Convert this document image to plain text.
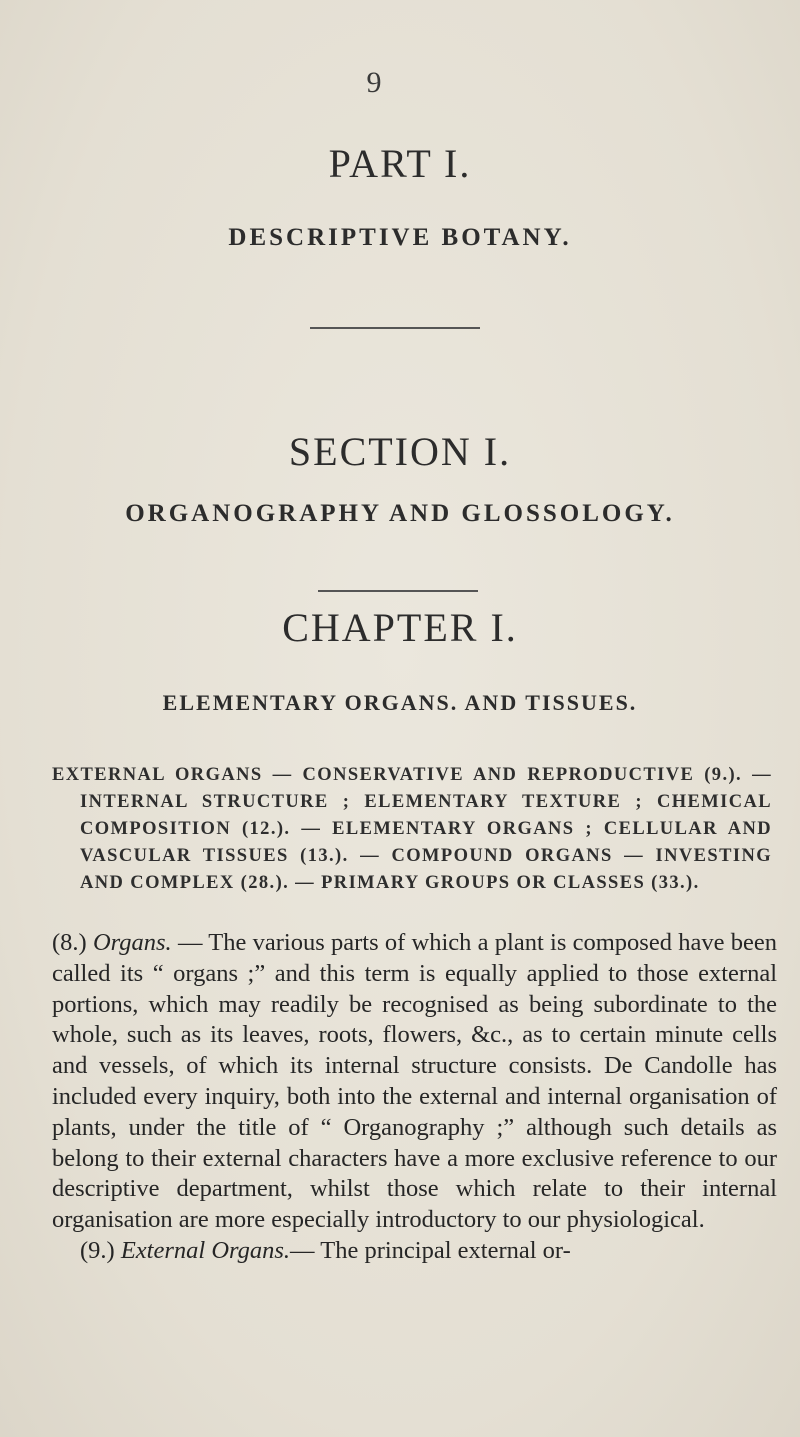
9
PART I.
DESCRIPTIVE BOTANY.
SECTION I.
ORGANOGRAPHY AND GLOSSOLOGY.
CHAPTER I.
ELEMENTARY ORGANS. AND TISSUES.
EXTERNAL ORGANS — CONSERVATIVE AND REPRODUCTIVE (9.). — INTERNAL STRUCTURE ; ELEMENTARY TEXTURE ; CHEMICAL COMPOSITION (12.). — ELEMENTARY ORGANS ; CELLULAR AND VASCULAR TISSUES (13.). — COMPOUND ORGANS — INVESTING AND COMPLEX (28.). — PRIMARY GROUPS OR CLASSES (33.).

(8.) Organs. — The various parts of which a plant is composed have been called its “ organs ;” and this term is equally applied to those external portions, which may readily be recognised as being subordinate to the whole, such as its leaves, roots, flowers, &c., as to certain minute cells and vessels, of which its internal structure consists. De Candolle has included every inquiry, both into the external and internal organisation of plants, under the title of “ Organography ;” although such details as belong to their external characters have a more exclusive reference to our descriptive department, whilst those which relate to their internal organisation are more especially introductory to our physiological.

(9.) External Organs.— The principal external or-
